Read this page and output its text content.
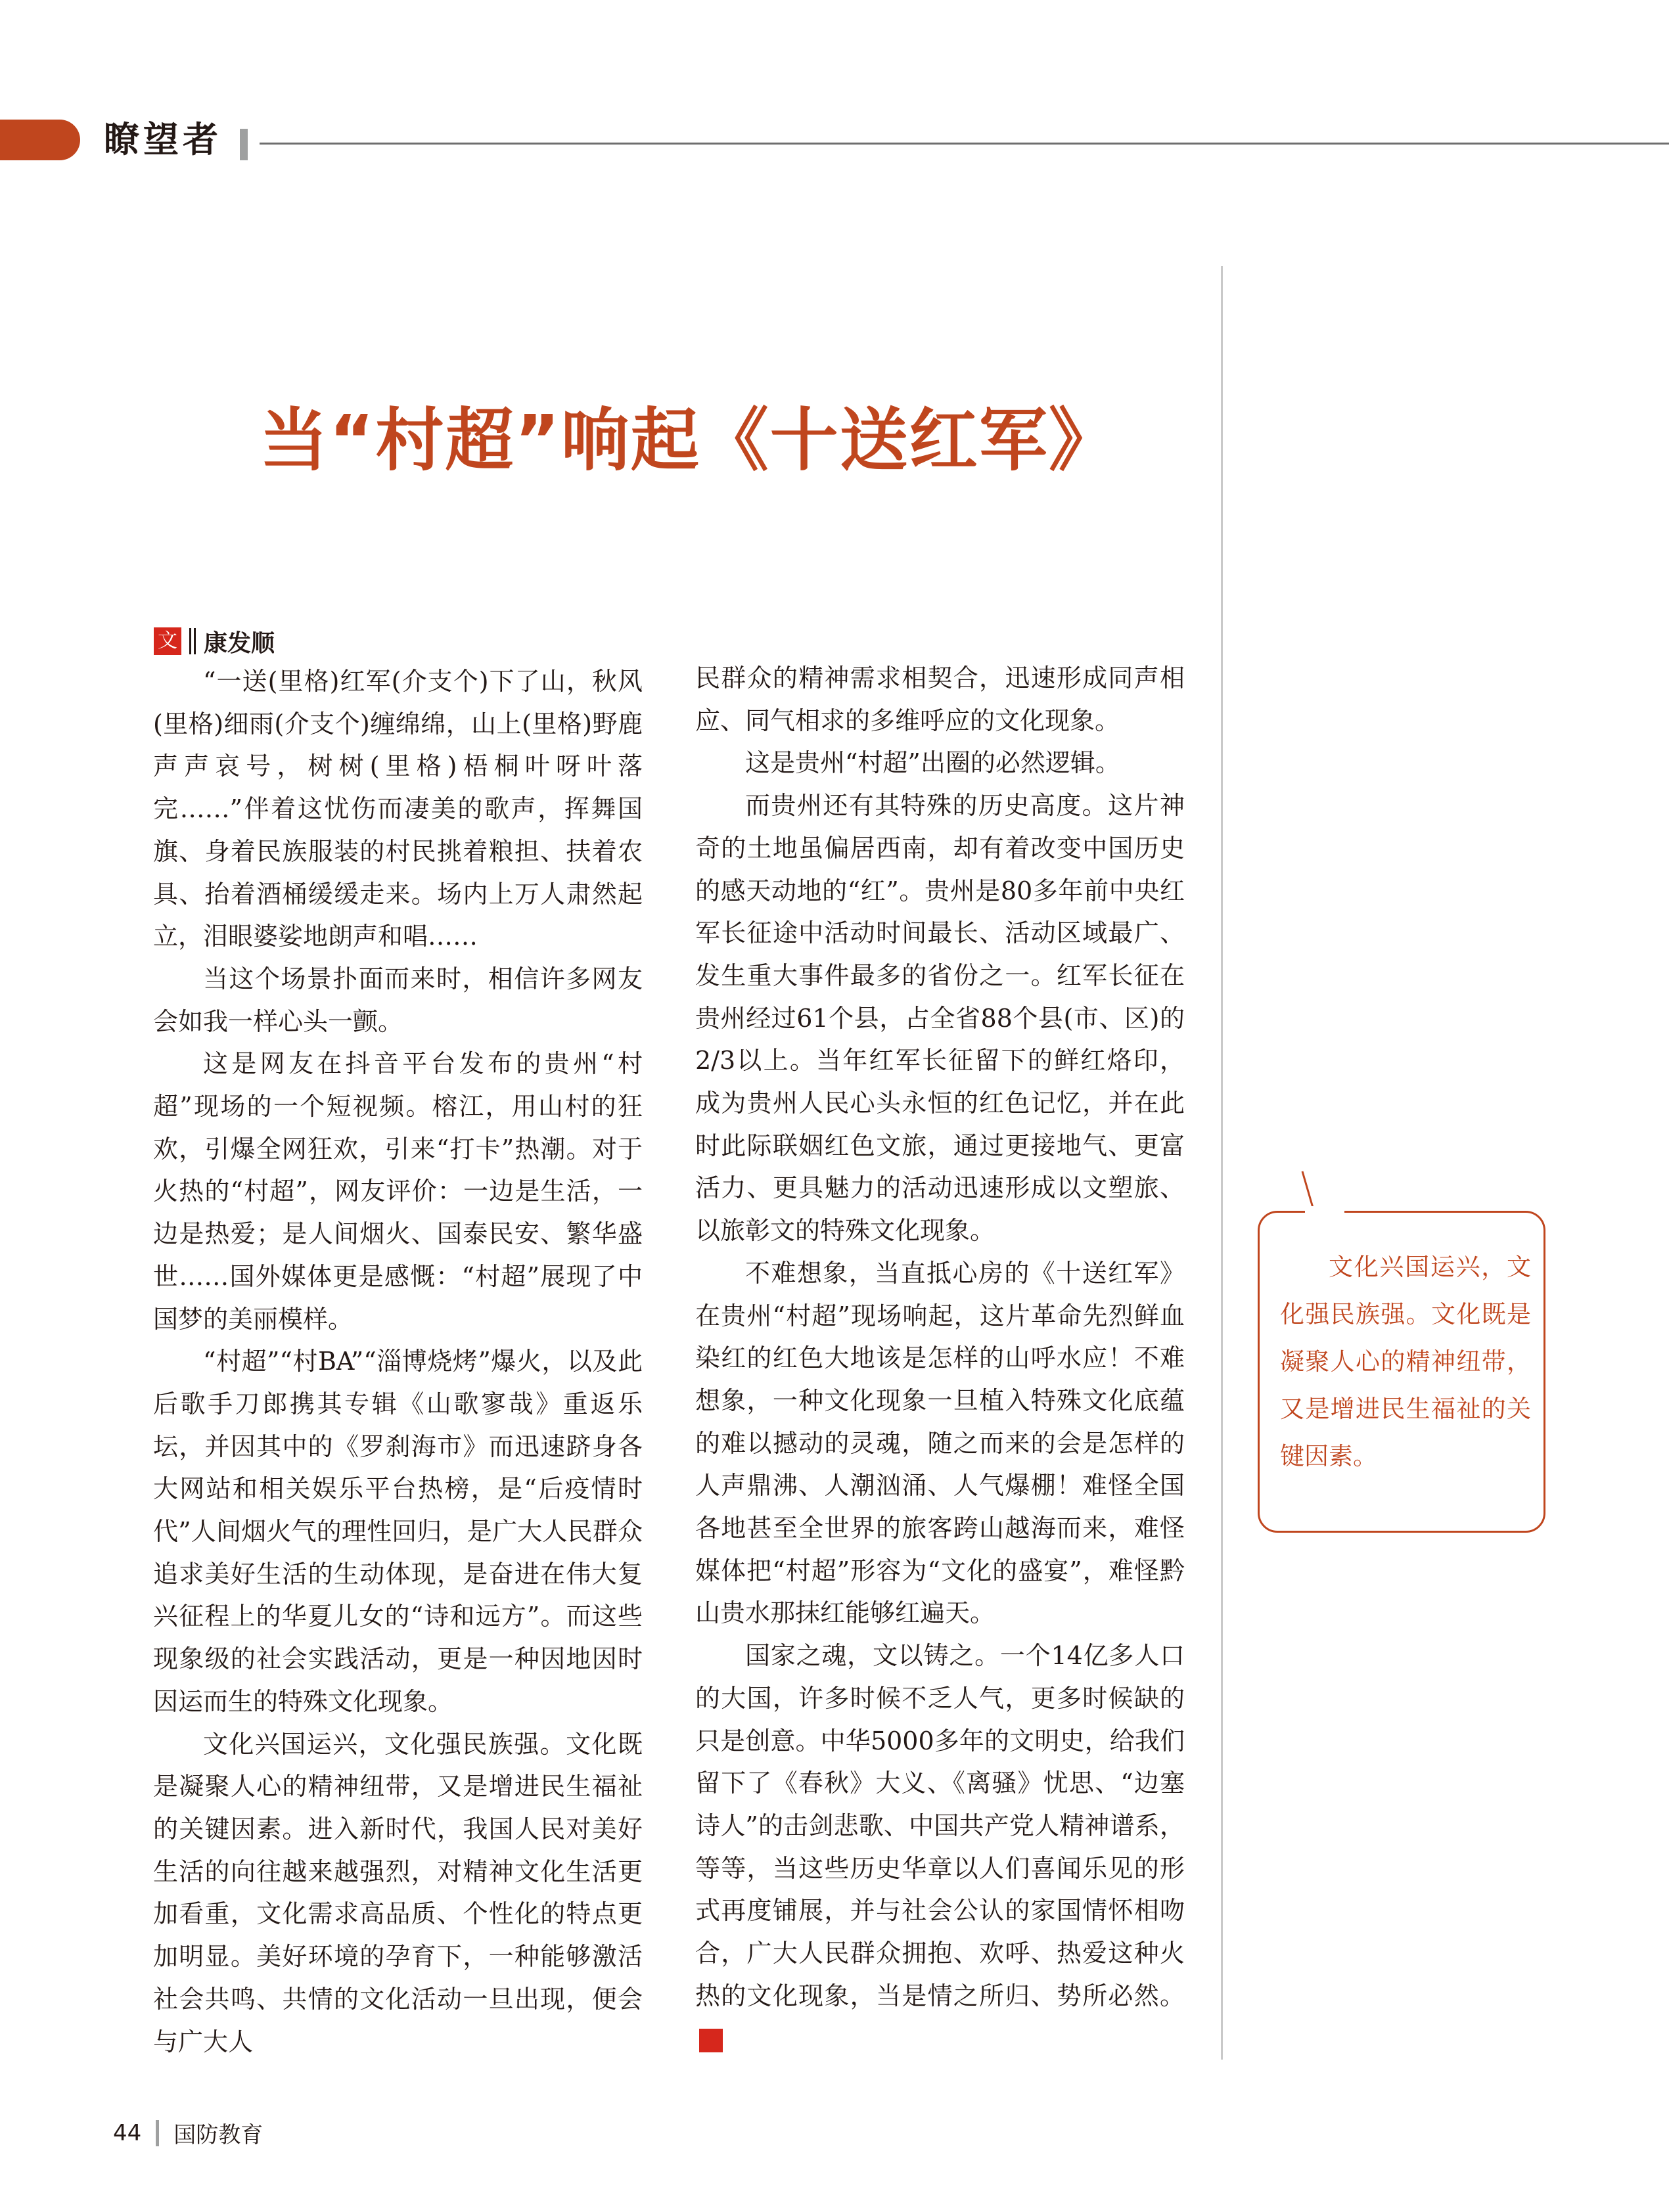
瞭望者
当“村超”响起《十送红军》
文 康发顺

“一送(里格)红军(介支个)下了山，秋风(里格)细雨(介支个)缠绵绵，山上(里格)野鹿声声哀号，树树(里格)梧桐叶呀叶落完……”伴着这忧伤而凄美的歌声，挥舞国旗、身着民族服装的村民挑着粮担、扶着农具、抬着酒桶缓缓走来。场内上万人肃然起立，泪眼婆娑地朗声和唱……

当这个场景扑面而来时，相信许多网友会如我一样心头一颤。

这是网友在抖音平台发布的贵州“村超”现场的一个短视频。榕江，用山村的狂欢，引爆全网狂欢，引来“打卡”热潮。对于火热的“村超”，网友评价：一边是生活，一边是热爱；是人间烟火、国泰民安、繁华盛世……国外媒体更是感慨：“村超”展现了中国梦的美丽模样。

“村超”“村BA”“淄博烧烤”爆火，以及此后歌手刀郎携其专辑《山歌寥哉》重返乐坛，并因其中的《罗刹海市》而迅速跻身各大网站和相关娱乐平台热榜，是“后疫情时代”人间烟火气的理性回归，是广大人民群众追求美好生活的生动体现，是奋进在伟大复兴征程上的华夏儿女的“诗和远方”。而这些现象级的社会实践活动，更是一种因地因时因运而生的特殊文化现象。

文化兴国运兴，文化强民族强。文化既是凝聚人心的精神纽带，又是增进民生福祉的关键因素。进入新时代，我国人民对美好生活的向往越来越强烈，对精神文化生活更加看重，文化需求高品质、个性化的特点更加明显。美好环境的孕育下，一种能够激活社会共鸣、共情的文化活动一旦出现，便会与广大人

民群众的精神需求相契合，迅速形成同声相应、同气相求的多维呼应的文化现象。

这是贵州“村超”出圈的必然逻辑。

而贵州还有其特殊的历史高度。这片神奇的土地虽偏居西南，却有着改变中国历史的感天动地的“红”。贵州是80多年前中央红军长征途中活动时间最长、活动区域最广、发生重大事件最多的省份之一。红军长征在贵州经过61个县，占全省88个县(市、区)的2/3以上。当年红军长征留下的鲜红烙印，成为贵州人民心头永恒的红色记忆，并在此时此际联姻红色文旅，通过更接地气、更富活力、更具魅力的活动迅速形成以文塑旅、以旅彰文的特殊文化现象。

不难想象，当直抵心房的《十送红军》在贵州“村超”现场响起，这片革命先烈鲜血染红的红色大地该是怎样的山呼水应！不难想象，一种文化现象一旦植入特殊文化底蕴的难以撼动的灵魂，随之而来的会是怎样的人声鼎沸、人潮汹涌、人气爆棚！难怪全国各地甚至全世界的旅客跨山越海而来，难怪媒体把“村超”形容为“文化的盛宴”，难怪黔山贵水那抹红能够红遍天。

国家之魂，文以铸之。一个14亿多人口的大国，许多时候不乏人气，更多时候缺的只是创意。中华5000多年的文明史，给我们留下了《春秋》大义、《离骚》忧思、“边塞诗人”的击剑悲歌、中国共产党人精神谱系，等等，当这些历史华章以人们喜闻乐见的形式再度铺展，并与社会公认的家国情怀相吻合，广大人民群众拥抱、欢呼、热爱这种火热的文化现象，当是情之所归、势所必然。G

文化兴国运兴，文化强民族强。文化既是凝聚人心的精神纽带，又是增进民生福祉的关键因素。
44 国防教育
